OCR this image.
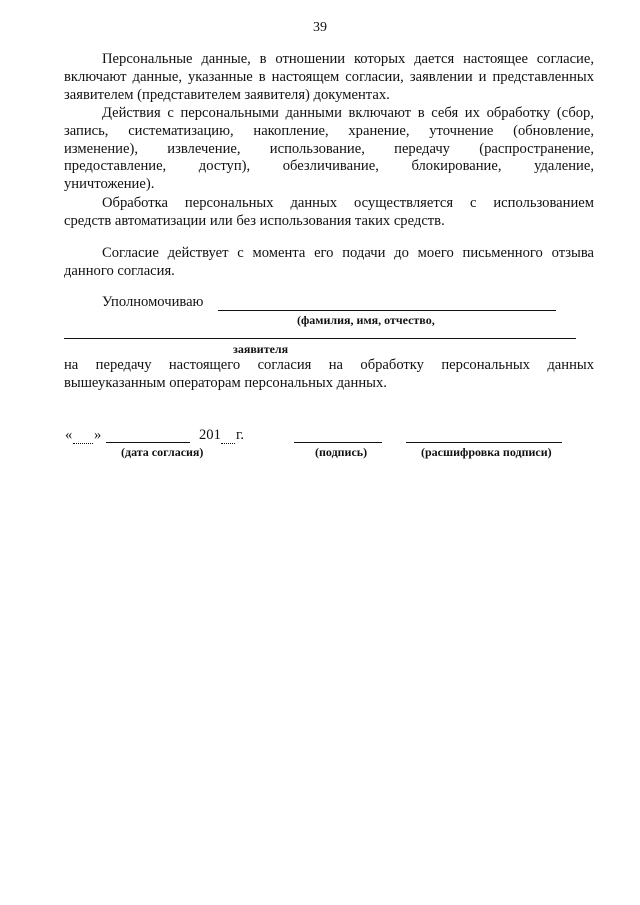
39
Персональные данные, в отношении которых дается настоящее согласие,
включают данные, указанные в настоящем согласии, заявлении и представленных
заявителем (представителем заявителя) документах.
Действия с персональными данными включают в себя их обработку (сбор,
запись, систематизацию, накопление, хранение, уточнение (обновление,
изменение), извлечение, использование, передачу (распространение,
предоставление, доступ), обезличивание, блокирование, удаление,
уничтожение).
Обработка персональных данных осуществляется с использованием
средств автоматизации или без использования таких средств.
Согласие действует с момента его подачи до моего письменного отзыва
данного согласия.
Уполномочиваю
(фамилия, имя, отчество,
заявителя
на передачу настоящего согласия на обработку персональных данных
вышеуказанным операторам персональных данных.
« »	201 г.
(дата согласия)	(подпись)	(расшифровка подписи)
